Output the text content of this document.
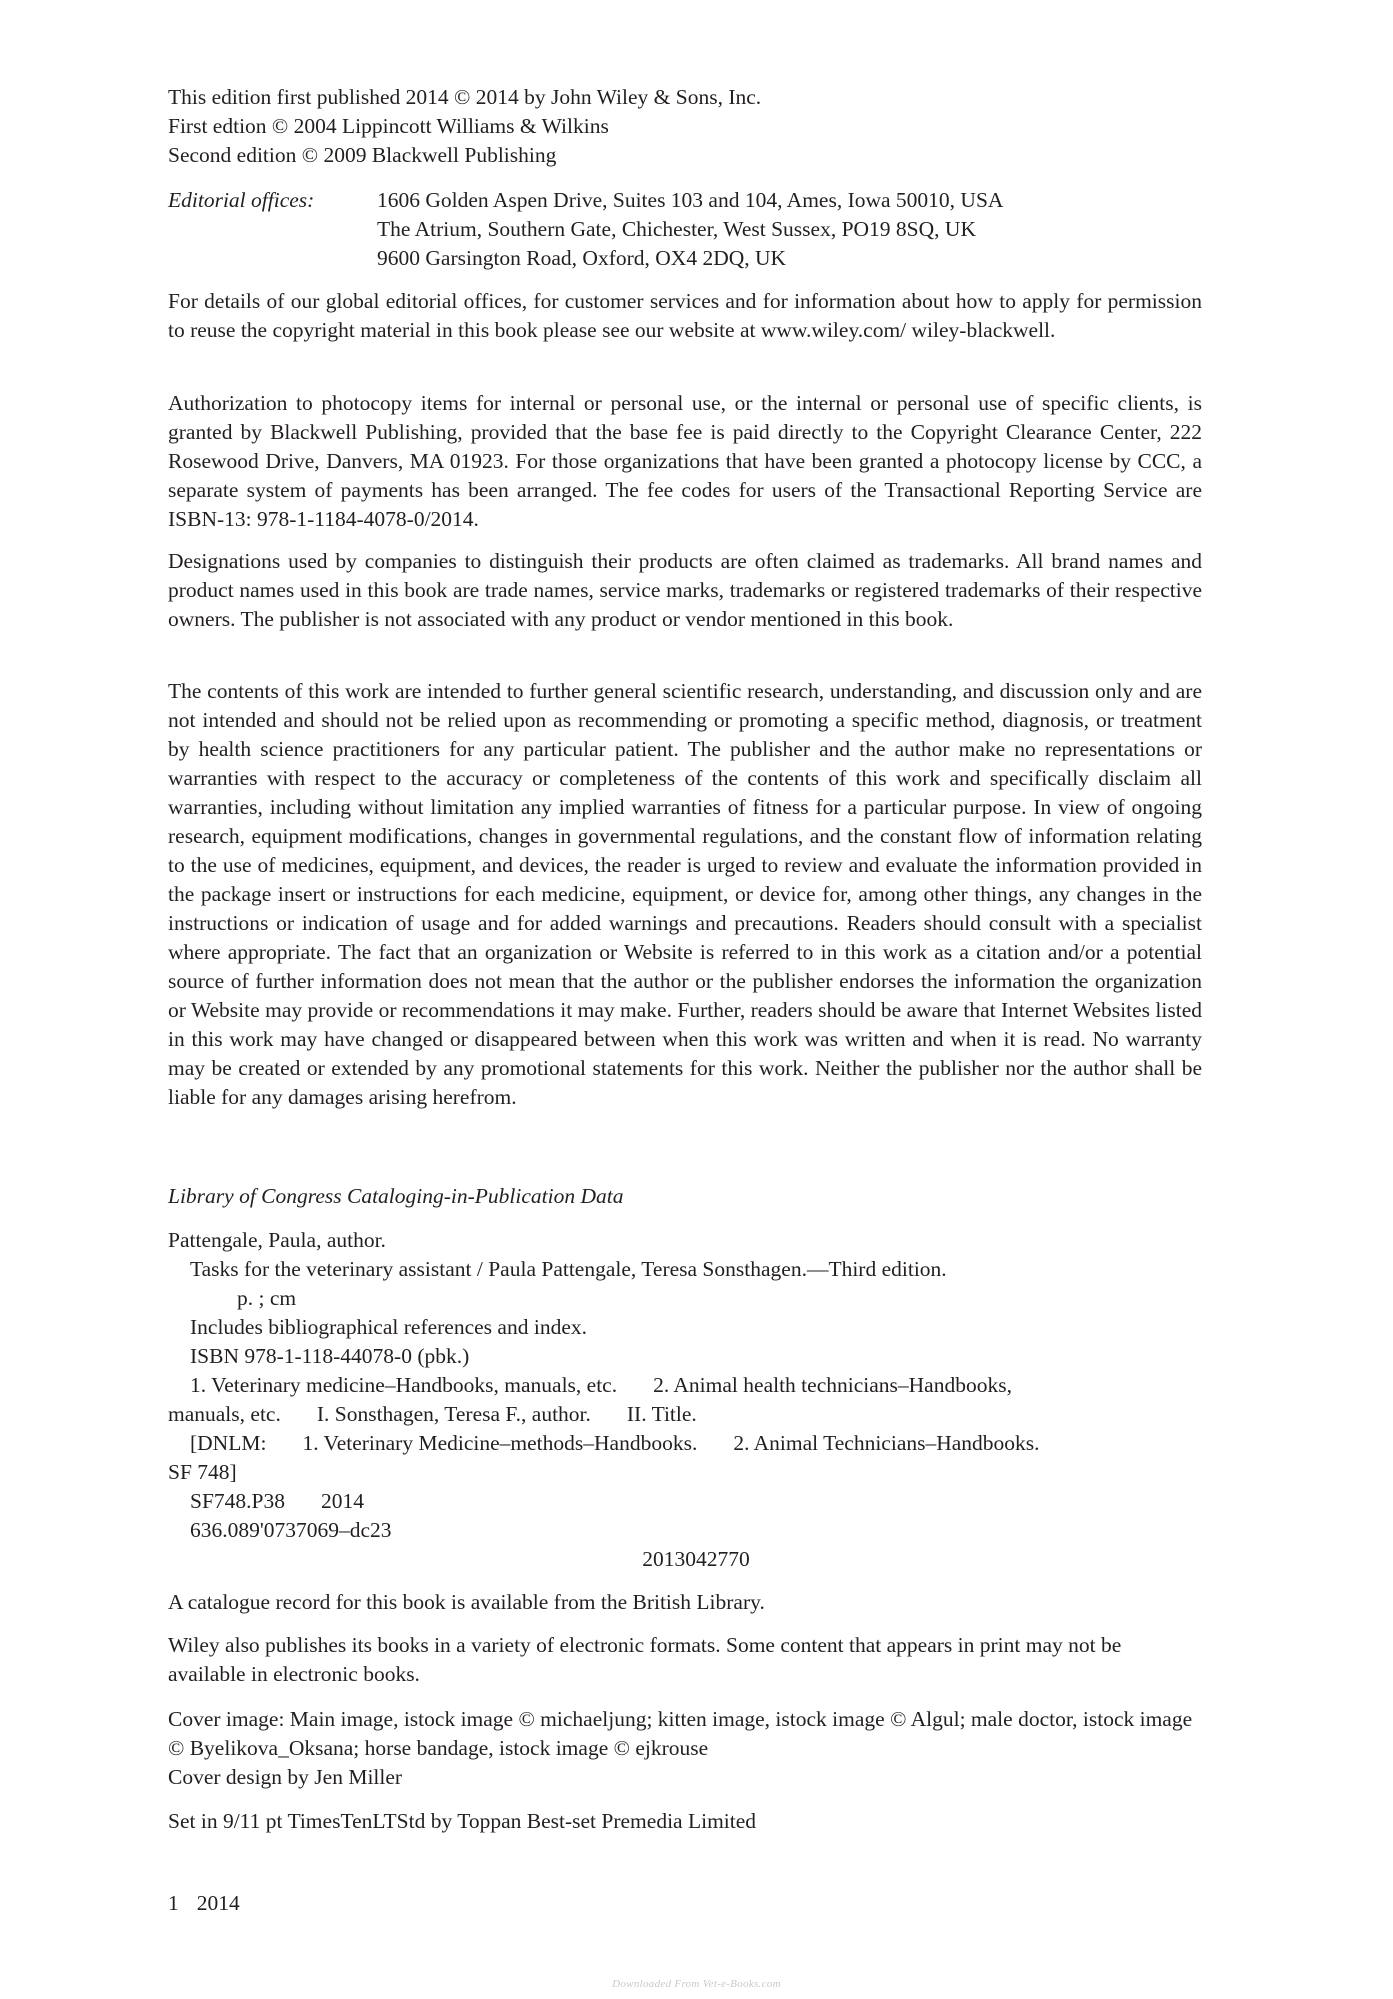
This edition first published 2014 © 2014 by John Wiley & Sons, Inc.
First edtion © 2004 Lippincott Williams & Wilkins
Second edition © 2009 Blackwell Publishing
Editorial offices:	1606 Golden Aspen Drive, Suites 103 and 104, Ames, Iowa 50010, USA
The Atrium, Southern Gate, Chichester, West Sussex, PO19 8SQ, UK
9600 Garsington Road, Oxford, OX4 2DQ, UK

For details of our global editorial offices, for customer services and for information about how to apply for permission to reuse the copyright material in this book please see our website at www.wiley.com/ wiley-blackwell.

Authorization to photocopy items for internal or personal use, or the internal or personal use of specific clients, is granted by Blackwell Publishing, provided that the base fee is paid directly to the Copyright Clearance Center, 222 Rosewood Drive, Danvers, MA 01923. For those organizations that have been granted a photocopy license by CCC, a separate system of payments has been arranged. The fee codes for users of the Transactional Reporting Service are ISBN-13: 978-1-1184-4078-0/2014.

Designations used by companies to distinguish their products are often claimed as trademarks. All brand names and product names used in this book are trade names, service marks, trademarks or registered trademarks of their respective owners. The publisher is not associated with any product or vendor mentioned in this book.

The contents of this work are intended to further general scientific research, understanding, and discussion only and are not intended and should not be relied upon as recommending or promoting a specific method, diagnosis, or treatment by health science practitioners for any particular patient. The publisher and the author make no representations or warranties with respect to the accuracy or completeness of the contents of this work and specifically disclaim all warranties, including without limitation any implied warranties of fitness for a particular purpose. In view of ongoing research, equipment modifications, changes in governmental regulations, and the constant flow of information relating to the use of medicines, equipment, and devices, the reader is urged to review and evaluate the information provided in the package insert or instructions for each medicine, equipment, or device for, among other things, any changes in the instructions or indication of usage and for added warnings and precautions. Readers should consult with a specialist where appropriate. The fact that an organization or Website is referred to in this work as a citation and/or a potential source of further information does not mean that the author or the publisher endorses the information the organization or Website may provide or recommendations it may make. Further, readers should be aware that Internet Websites listed in this work may have changed or disappeared between when this work was written and when it is read. No warranty may be created or extended by any promotional statements for this work. Neither the publisher nor the author shall be liable for any damages arising herefrom.

Library of Congress Cataloging-in-Publication Data
Pattengale, Paula, author.
Tasks for the veterinary assistant / Paula Pattengale, Teresa Sonsthagen.—Third edition.
p. ; cm
Includes bibliographical references and index.
ISBN 978-1-118-44078-0 (pbk.)
1. Veterinary medicine–Handbooks, manuals, etc. 2. Animal health technicians–Handbooks,
manuals, etc. I. Sonsthagen, Teresa F., author. II. Title.
[DNLM: 1. Veterinary Medicine–methods–Handbooks. 2. Animal Technicians–Handbooks.
SF 748]
SF748.P38 2014
636.089'0737069–dc23
2013042770
A catalogue record for this book is available from the British Library.

Wiley also publishes its books in a variety of electronic formats. Some content that appears in print may not be available in electronic books.

Cover image: Main image, istock image © michaeljung; kitten image, istock image © Algul; male doctor, istock image © Byelikova_Oksana; horse bandage, istock image © ejkrouse
Cover design by Jen Miller
Set in 9/11 pt TimesTenLTStd by Toppan Best-set Premedia Limited
1 2014
Downloaded From Vet-e-Books.com
